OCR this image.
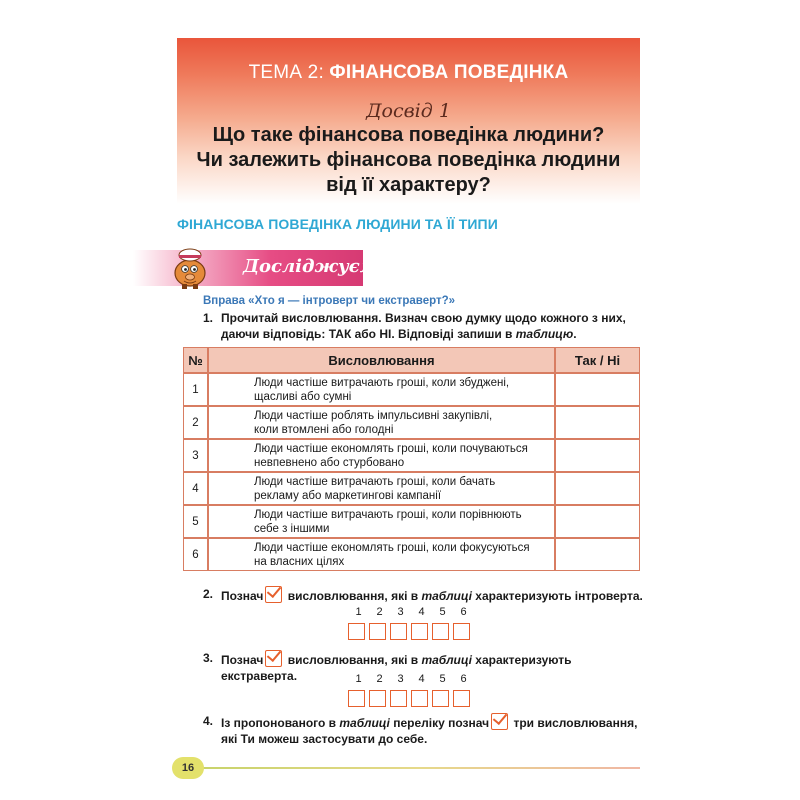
ТЕМА 2: ФІНАНСОВА ПОВЕДІНКА
Досвід 1
Що таке фінансова поведінка людини?
Чи залежить фінансова поведінка людини
від її характеру?
ФІНАНСОВА ПОВЕДІНКА ЛЮДИНИ ТА ЇЇ ТИПИ
Досліджуємо
Вправа «Хто я — інтроверт чи екстраверт?»
1. Прочитай висловлювання. Визнач свою думку щодо кожного з них, даючи відповідь: ТАК або НІ. Відповіді запиши в таблицю.
№	Висловлювання	Так / Ні
1	Люди частіше витрачають гроші, коли збуджені,
щасливі або сумні	
2	Люди частіше роблять імпульсивні закупівлі,
коли втомлені або голодні	
3	Люди частіше економлять гроші, коли почуваються
невпевнено або стурбовано	
4	Люди частіше витрачають гроші, коли бачать
рекламу або маркетингові кампанії	
5	Люди частіше витрачають гроші, коли порівнюють
себе з іншими	
6	Люди частіше економлять гроші, коли фокусуються
на власних цілях	
2. Познач висловлювання, які в таблиці характеризують інтроверта.
1	2	3	4	5	6
3. Познач висловлювання, які в таблиці характеризують екстраверта.	1	2	3	4	5	6
4. Із пропонованого в таблиці переліку познач три висловлювання, які Ти можеш застосувати до себе.
16
